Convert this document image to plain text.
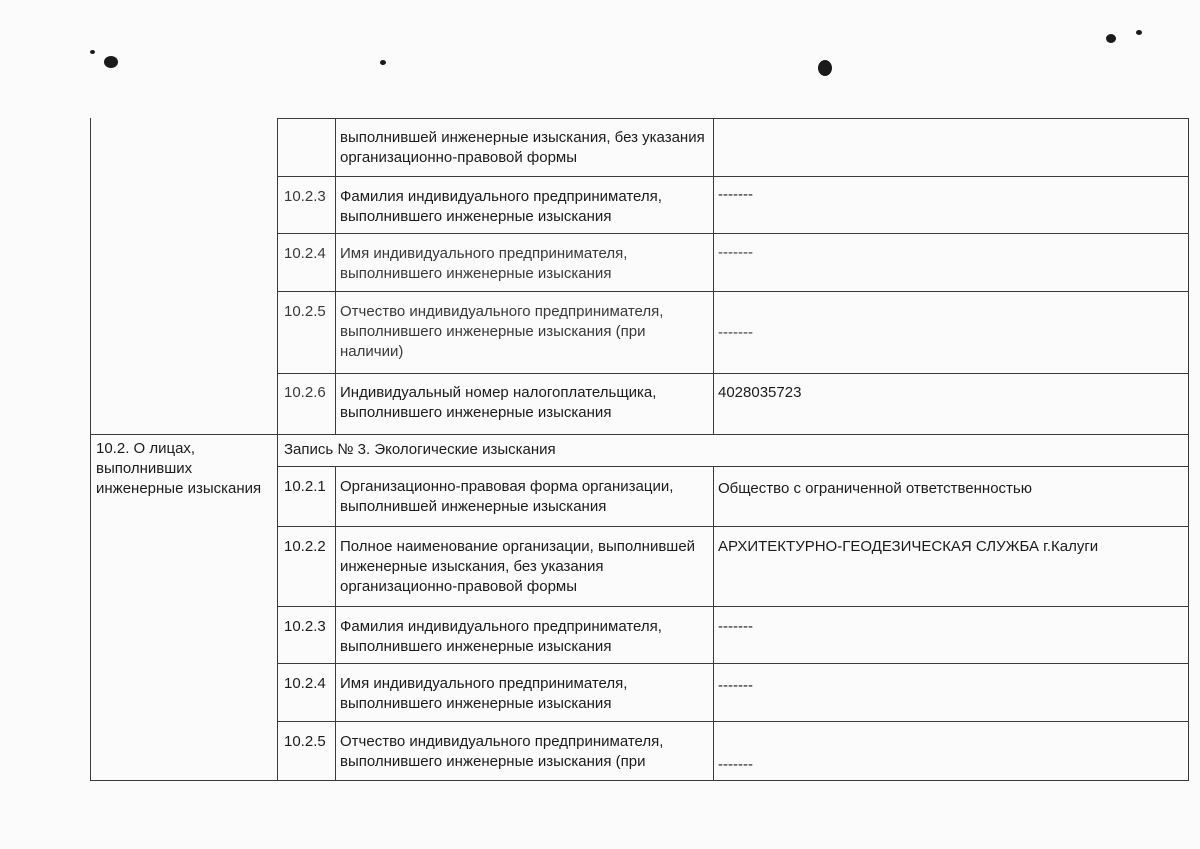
10.2. О лицах, выполнивших инженерные изыскания
выполнившей инженерные изыскания, без указания организационно-правовой формы
10.2.3 Фамилия индивидуального предпринимателя, выполнившего инженерные изыскания
-------
10.2.4 Имя индивидуального предпринимателя, выполнившего инженерные изыскания
-------
10.2.5 Отчество индивидуального предпринимателя, выполнившего инженерные изыскания (при наличии)
-------
10.2.6 Индивидуальный номер налогоплательщика, выполнившего инженерные изыскания
4028035723
Запись № 3. Экологические изыскания
10.2.1 Организационно-правовая форма организации, выполнившей инженерные изыскания
Общество с ограниченной ответственностью
10.2.2 Полное наименование организации, выполнившей инженерные изыскания, без указания организационно-правовой формы
АРХИТЕКТУРНО-ГЕОДЕЗИЧЕСКАЯ СЛУЖБА г.Калуги
10.2.3 Фамилия индивидуального предпринимателя, выполнившего инженерные изыскания
-------
10.2.4 Имя индивидуального предпринимателя, выполнившего инженерные изыскания
-------
10.2.5 Отчество индивидуального предпринимателя, выполнившего инженерные изыскания (при	-------
